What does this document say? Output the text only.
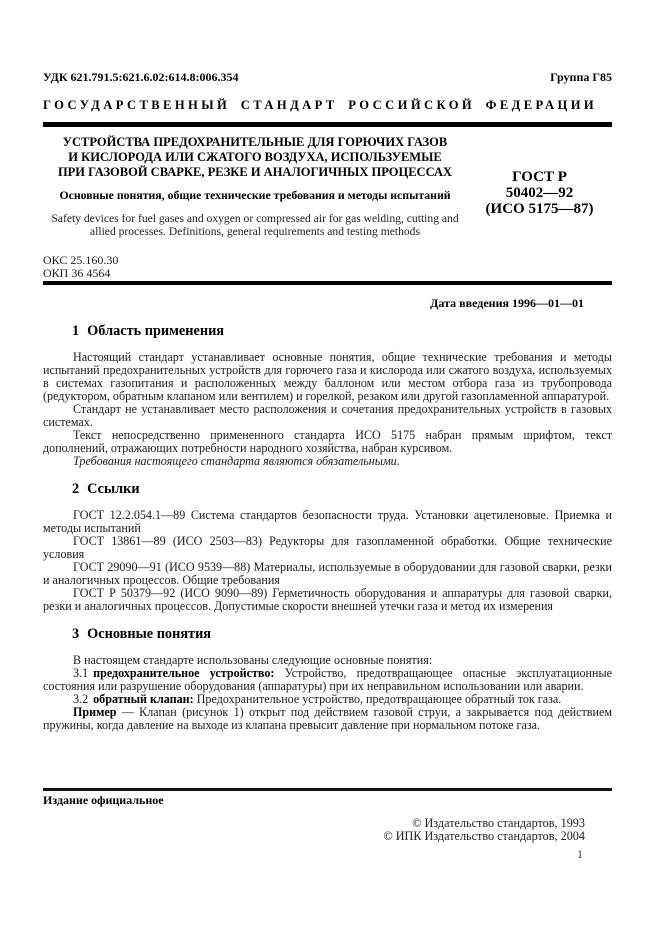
УДК 621.791.5:621.6.02:614.8:006.354	Группа Г85
ГОСУДАРСТВЕННЫЙ СТАНДАРТ РОССИЙСКОЙ ФЕДЕРАЦИИ
УСТРОЙСТВА ПРЕДОХРАНИТЕЛЬНЫЕ ДЛЯ ГОРЮЧИХ ГАЗОВ
И КИСЛОРОДА ИЛИ СЖАТОГО ВОЗДУХА, ИСПОЛЬЗУЕМЫЕ
ПРИ ГАЗОВОЙ СВАРКЕ, РЕЗКЕ И АНАЛОГИЧНЫХ ПРОЦЕССАХ
Основные понятия, общие технические требования и методы испытаний
Safety devices for fuel gases and oxygen or compressed air for gas welding, cutting and
allied processes. Definitions, general requirements and testing methods
ГОСТ Р
50402—92
(ИСО 5175—87)
ОКС 25.160.30
ОКП 36 4564
Дата введения 1996—01—01
1 Область применения

Настоящий стандарт устанавливает основные понятия, общие технические требования и методы испытаний предохранительных устройств для горючего газа и кислорода или сжатого воздуха, используемых в системах газопитания и расположенных между баллоном или местом отбора газа из трубопровода (редуктором, обратным клапаном или вентилем) и горелкой, резаком или другой газопламенной аппаратурой.

Стандарт не устанавливает место расположения и сочетания предохранительных устройств в газовых системах.

Текст непосредственно примененного стандарта ИСО 5175 набран прямым шрифтом, текст дополнений, отражающих потребности народного хозяйства, набран курсивом.

Требования настоящего стандарта являются обязательными.

2 Ссылки

ГОСТ 12.2.054.1—89 Система стандартов безопасности труда. Установки ацетиленовые. Приемка и методы испытаний

ГОСТ 13861—89 (ИСО 2503—83) Редукторы для газопламенной обработки. Общие технические условия

ГОСТ 29090—91 (ИСО 9539—88) Материалы, используемые в оборудовании для газовой сварки, резки и аналогичных процессов. Общие требования

ГОСТ Р 50379—92 (ИСО 9090—89) Герметичность оборудования и аппаратуры для газовой сварки, резки и аналогичных процессов. Допустимые скорости внешней утечки газа и метод их измерения

3 Основные понятия

В настоящем стандарте использованы следующие основные понятия:

3.1 предохранительное устройство: Устройство, предотвращающее опасные эксплуатационные состояния или разрушение оборудования (аппаратуры) при их неправильном использовании или аварии.

3.2 обратный клапан: Предохранительное устройство, предотвращающее обратный ток газа.

Пример — Клапан (рисунок 1) открыт под действием газовой струи, а закрывается под действием пружины, когда давление на выходе из клапана превысит давление при нормальном потоке газа.

Издание официальное
© Издательство стандартов, 1993
© ИПК Издательство стандартов, 2004
1
